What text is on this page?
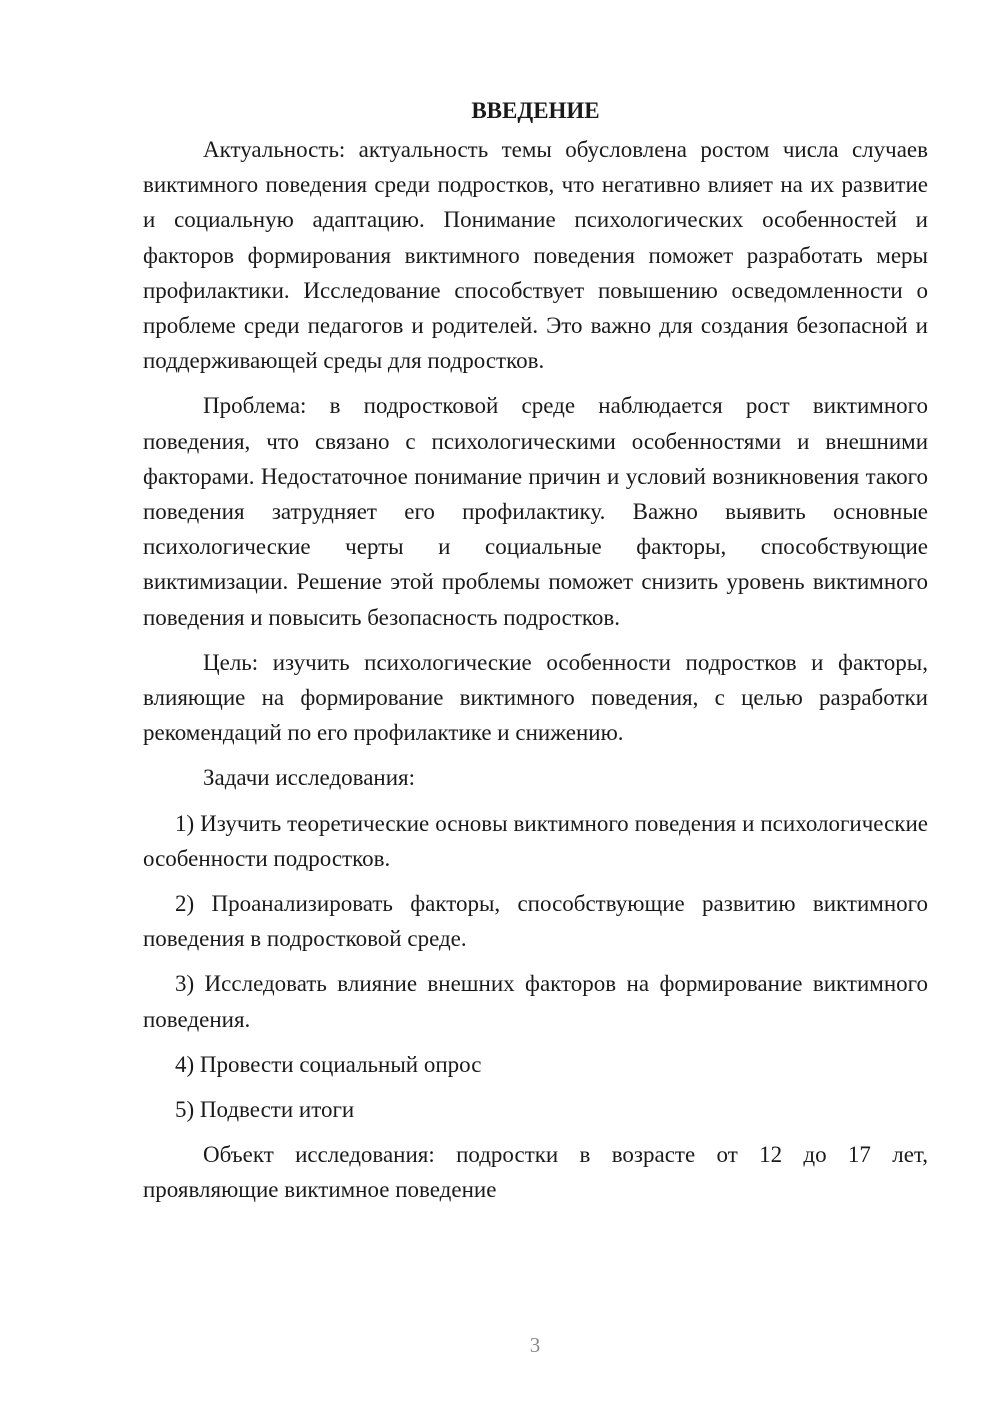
ВВЕДЕНИЕ

Актуальность: актуальность темы обусловлена ростом числа случаев виктимного поведения среди подростков, что негативно влияет на их развитие и социальную адаптацию. Понимание психологических особенностей и факторов формирования виктимного поведения поможет разработать меры профилактики. Исследование способствует повышению осведомленности о проблеме среди педагогов и родителей. Это важно для создания безопасной и поддерживающей среды для подростков.

Проблема: в подростковой среде наблюдается рост виктимного поведения, что связано с психологическими особенностями и внешними факторами. Недостаточное понимание причин и условий возникновения такого поведения затрудняет его профилактику. Важно выявить основные психологические черты и социальные факторы, способствующие виктимизации. Решение этой проблемы поможет снизить уровень виктимного поведения и повысить безопасность подростков.

Цель: изучить психологические особенности подростков и факторы, влияющие на формирование виктимного поведения, с целью разработки рекомендаций по его профилактике и снижению.

Задачи исследования:

1) Изучить теоретические основы виктимного поведения и психологические особенности подростков.

2) Проанализировать факторы, способствующие развитию виктимного поведения в подростковой среде.

3) Исследовать влияние внешних факторов на формирование виктимного поведения.

4) Провести социальный опрос

5) Подвести итоги

Объект исследования: подростки в возрасте от 12 до 17 лет, проявляющие виктимное поведение

3
